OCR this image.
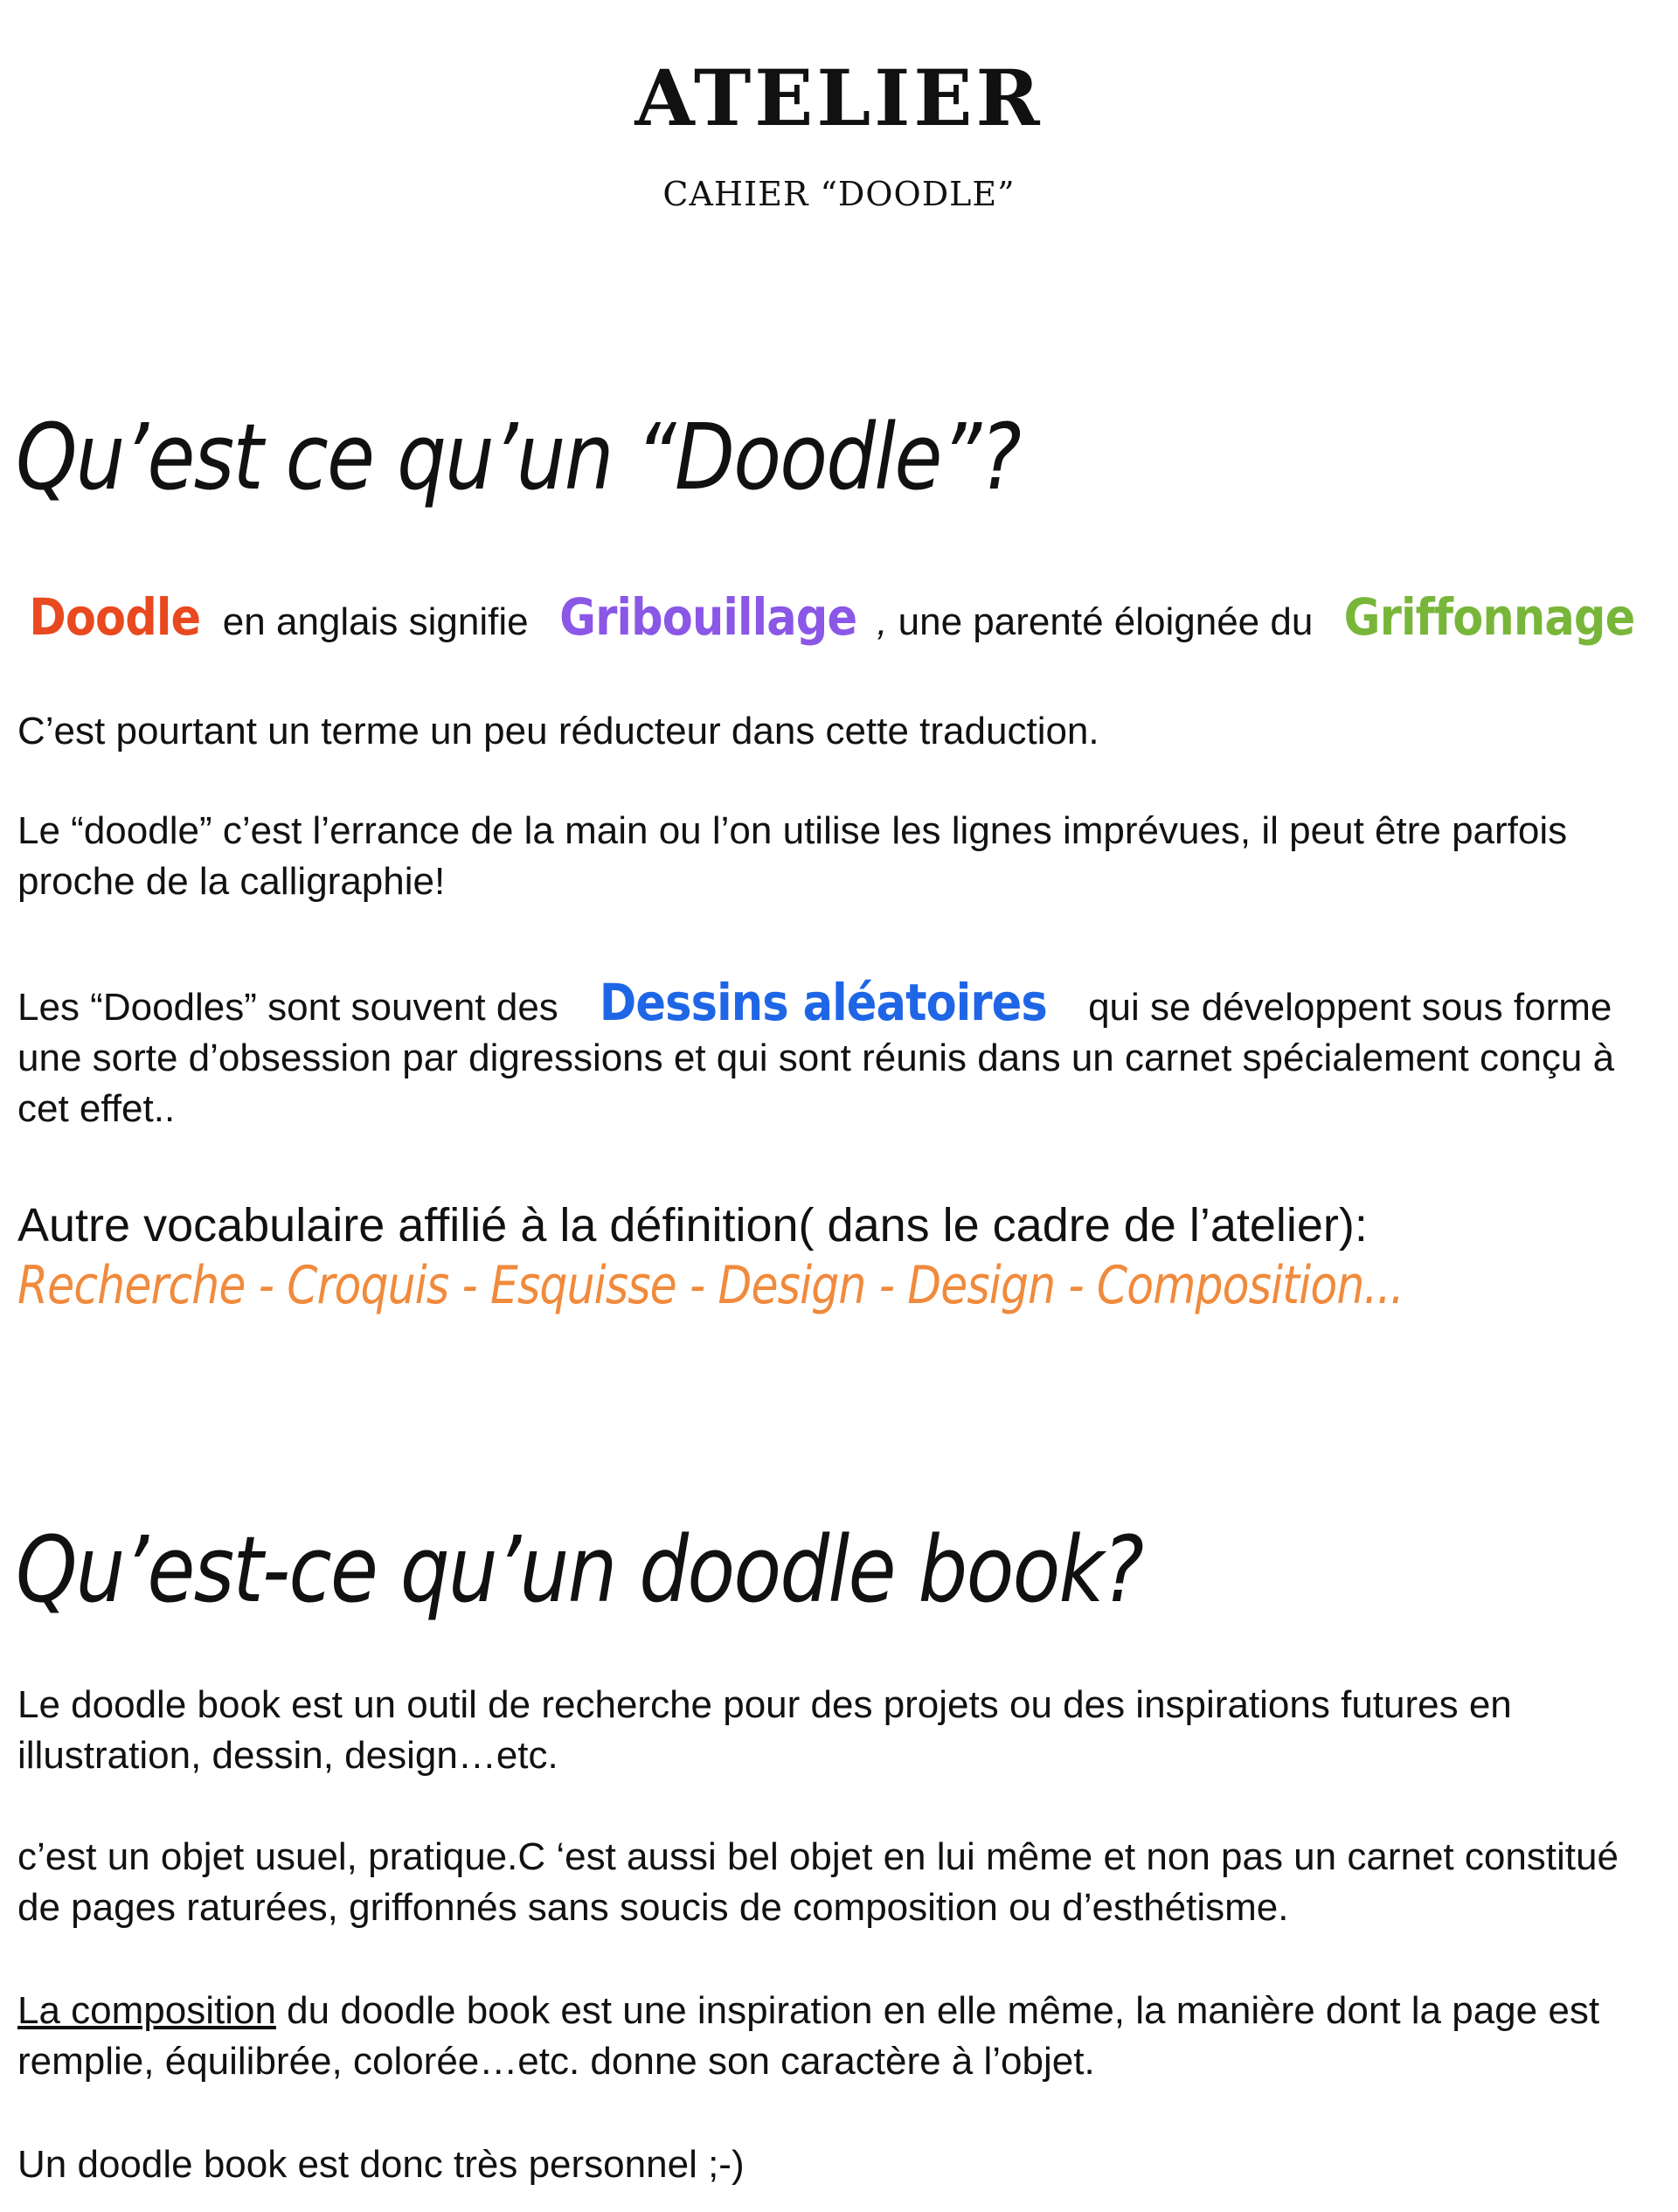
ATELIER
CAHIER “DOODLE”
Qu’est ce qu’un “Doodle”?

Doodle en anglais signifie Gribouillage , une parenté éloignée du Griffonnage

C’est pourtant un terme un peu réducteur dans cette traduction.

Le “doodle” c’est l’errance de la main ou l’on utilise les lignes imprévues, il peut être parfois proche de la calligraphie!

Les “Doodles” sont souvent des Dessins aléatoires qui se développent sous forme une sorte d’obsession par digressions et qui sont réunis dans un carnet spécialement conçu à cet effet..

Autre vocabulaire affilié à la définition( dans le cadre de l’atelier):

Recherche - Croquis - Esquisse - Design - Design - Composition...

Qu’est-ce qu’un doodle book?

Le doodle book est un outil de recherche pour des projets ou des inspirations futures en illustration, dessin, design…etc.

c’est un objet usuel, pratique.C ‘est aussi bel objet en lui même et non pas un carnet constitué de pages raturées, griffonnés sans soucis de composition ou d’esthétisme.

La composition du doodle book est une inspiration en elle même, la manière dont la page est remplie, équilibrée, colorée…etc. donne son caractère à l’objet.

Un doodle book est donc très personnel ;-)
